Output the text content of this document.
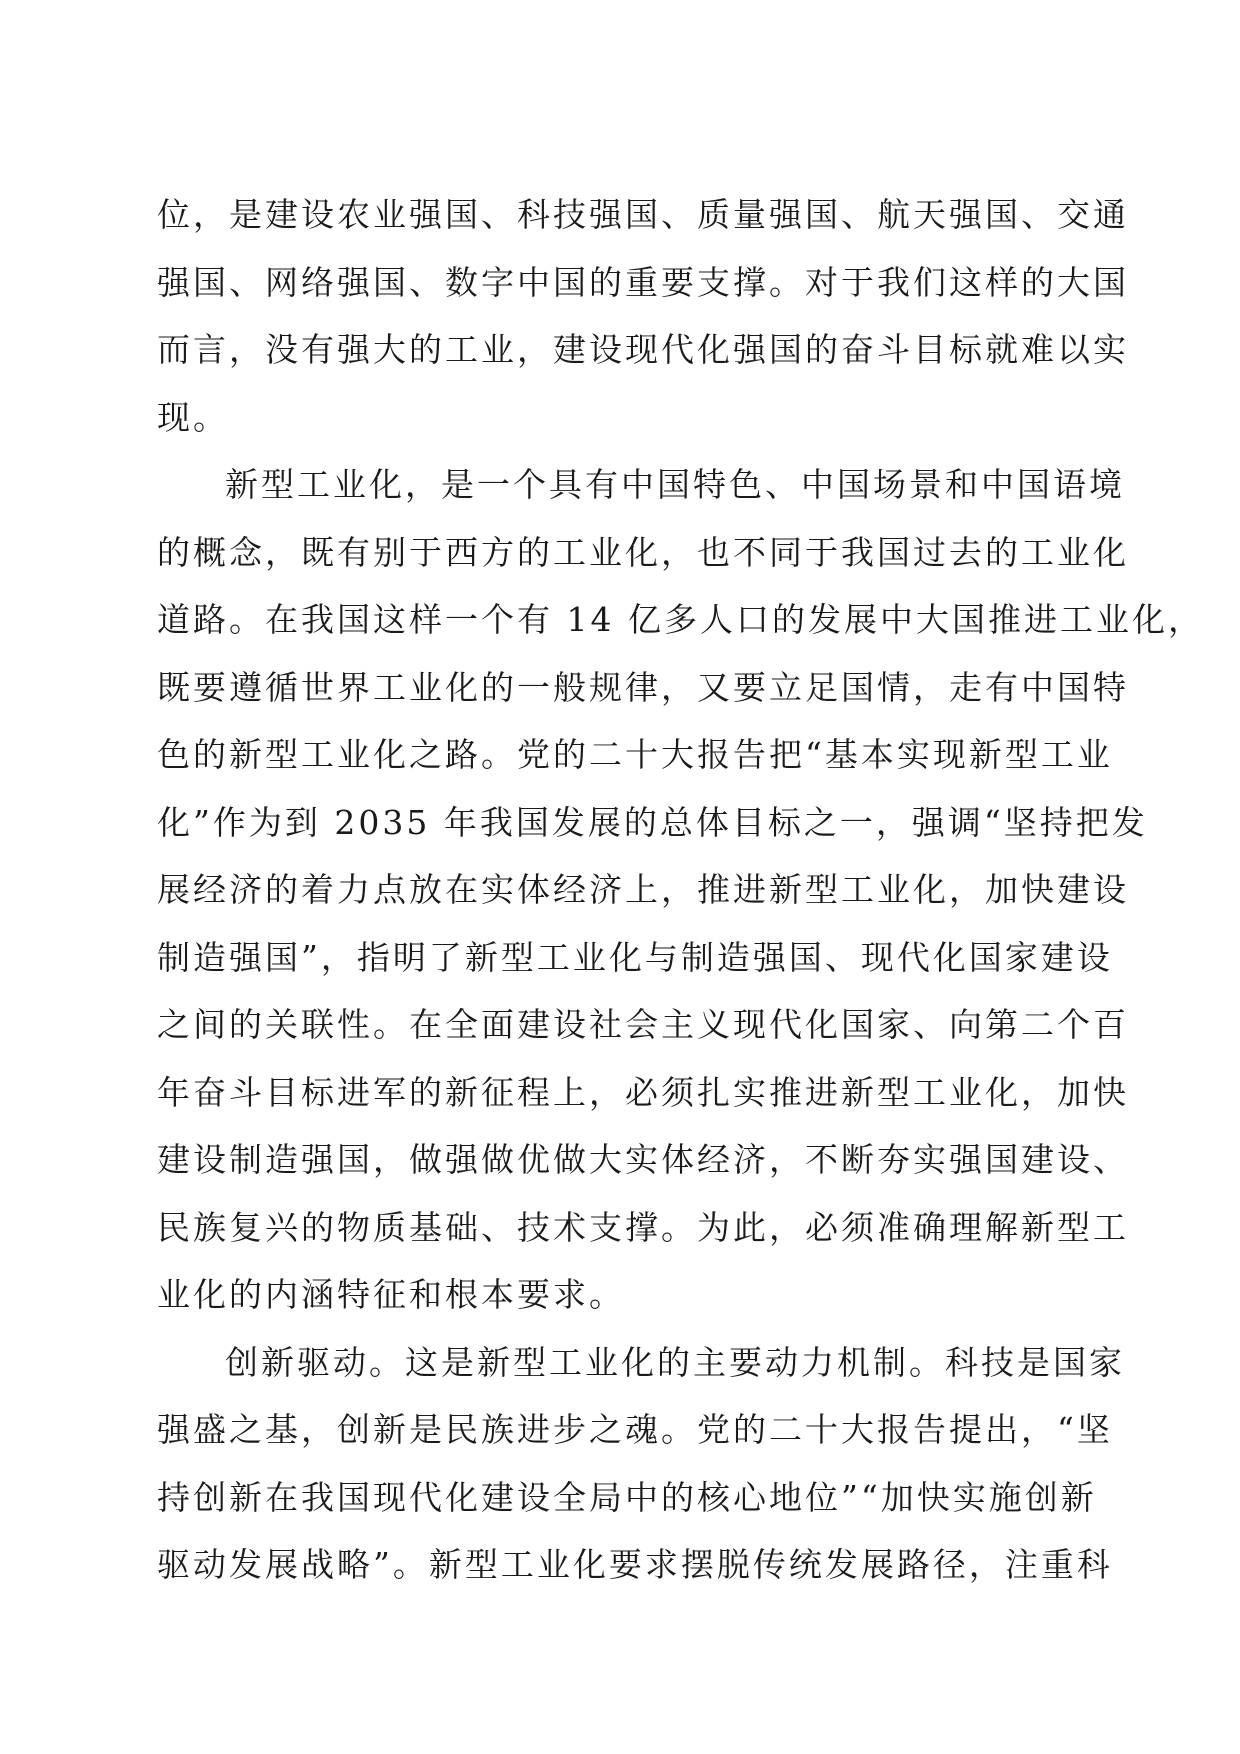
位，是建设农业强国、科技强国、质量强国、航天强国、交通
强国、网络强国、数字中国的重要支撑。对于我们这样的大国
而言，没有强大的工业，建设现代化强国的奋斗目标就难以实
现。
新型工业化，是一个具有中国特色、中国场景和中国语境
的概念，既有别于西方的工业化，也不同于我国过去的工业化
道路。在我国这样一个有 14 亿多人口的发展中大国推进工业化，
既要遵循世界工业化的一般规律，又要立足国情，走有中国特
色的新型工业化之路。党的二十大报告把“基本实现新型工业
化”作为到 2035 年我国发展的总体目标之一，强调“坚持把发
展经济的着力点放在实体经济上，推进新型工业化，加快建设
制造强国”，指明了新型工业化与制造强国、现代化国家建设
之间的关联性。在全面建设社会主义现代化国家、向第二个百
年奋斗目标进军的新征程上，必须扎实推进新型工业化，加快
建设制造强国，做强做优做大实体经济，不断夯实强国建设、
民族复兴的物质基础、技术支撑。为此，必须准确理解新型工
业化的内涵特征和根本要求。
创新驱动。这是新型工业化的主要动力机制。科技是国家
强盛之基，创新是民族进步之魂。党的二十大报告提出，“坚
持创新在我国现代化建设全局中的核心地位”“加快实施创新
驱动发展战略”。新型工业化要求摆脱传统发展路径，注重科
